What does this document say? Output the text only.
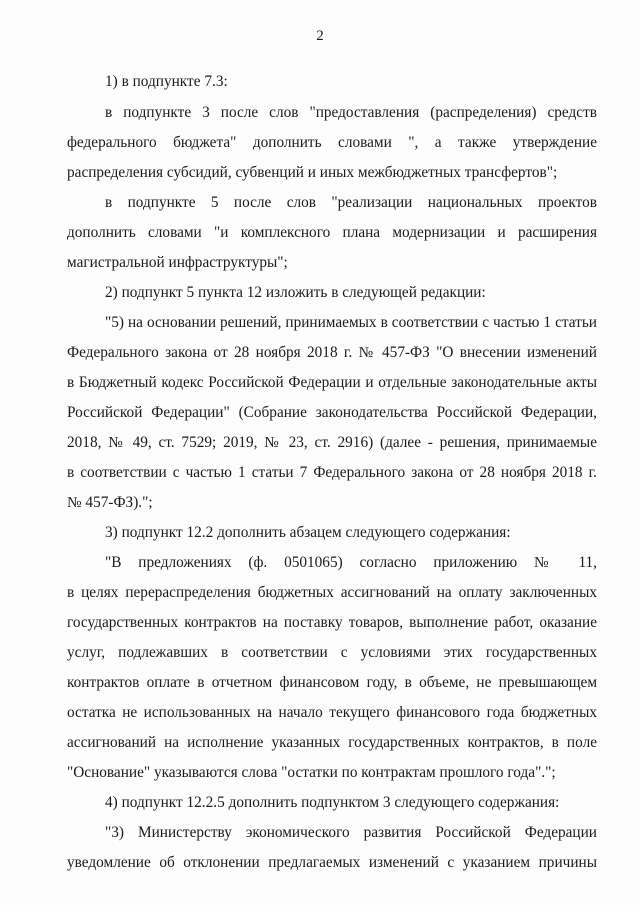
2
1) в подпункте 7.3:
в подпункте 3 после слов "предоставления (распределения) средств
федерального бюджета" дополнить словами ", а также утверждение
распределения субсидий, субвенций и иных межбюджетных трансфертов";
в подпункте 5 после слов "реализации национальных проектов
дополнить словами "и комплексного плана модернизации и расширения
магистральной инфраструктуры";
2) подпункт 5 пункта 12 изложить в следующей редакции:
"5) на основании решений, принимаемых в соответствии с частью 1 статьи
Федерального закона от 28 ноября 2018 г. № 457-ФЗ "О внесении изменений
в Бюджетный кодекс Российской Федерации и отдельные законодательные акты
Российской Федерации" (Собрание законодательства Российской Федерации,
2018, № 49, ст. 7529; 2019, № 23, ст. 2916) (далее - решения, принимаемые
в соответствии с частью 1 статьи 7 Федерального закона от 28 ноября 2018 г.
№ 457-ФЗ).";
3) подпункт 12.2 дополнить абзацем следующего содержания:
"В предложениях (ф. 0501065) согласно приложению № 11,
в целях перераспределения бюджетных ассигнований на оплату заключенных
государственных контрактов на поставку товаров, выполнение работ, оказание
услуг, подлежавших в соответствии с условиями этих государственных
контрактов оплате в отчетном финансовом году, в объеме, не превышающем
остатка не использованных на начало текущего финансового года бюджетных
ассигнований на исполнение указанных государственных контрактов, в поле
"Основание" указываются слова "остатки по контрактам прошлого года".";
4) подпункт 12.2.5 дополнить подпунктом 3 следующего содержания:
"3) Министерству экономического развития Российской Федерации
уведомление об отклонении предлагаемых изменений с указанием причины
